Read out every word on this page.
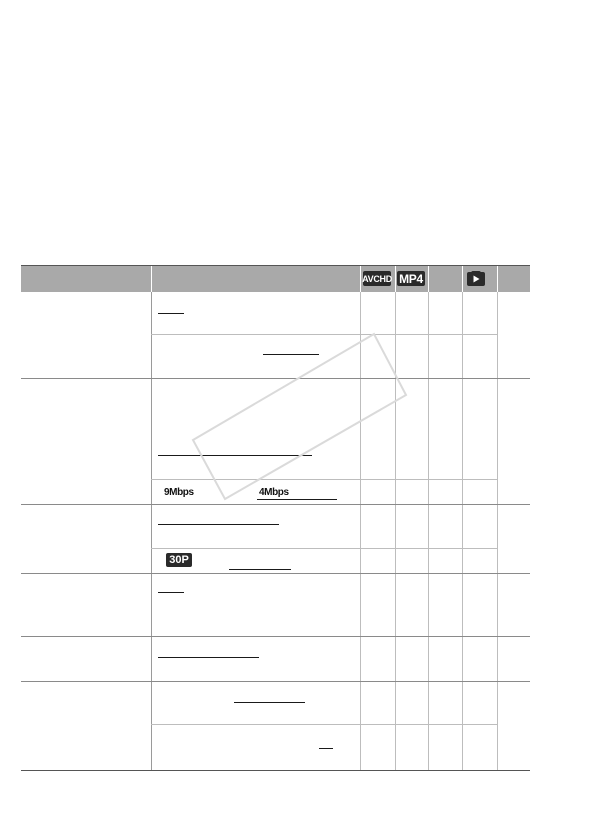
AVCHD MP4
9Mbps	4Mbps
30P
